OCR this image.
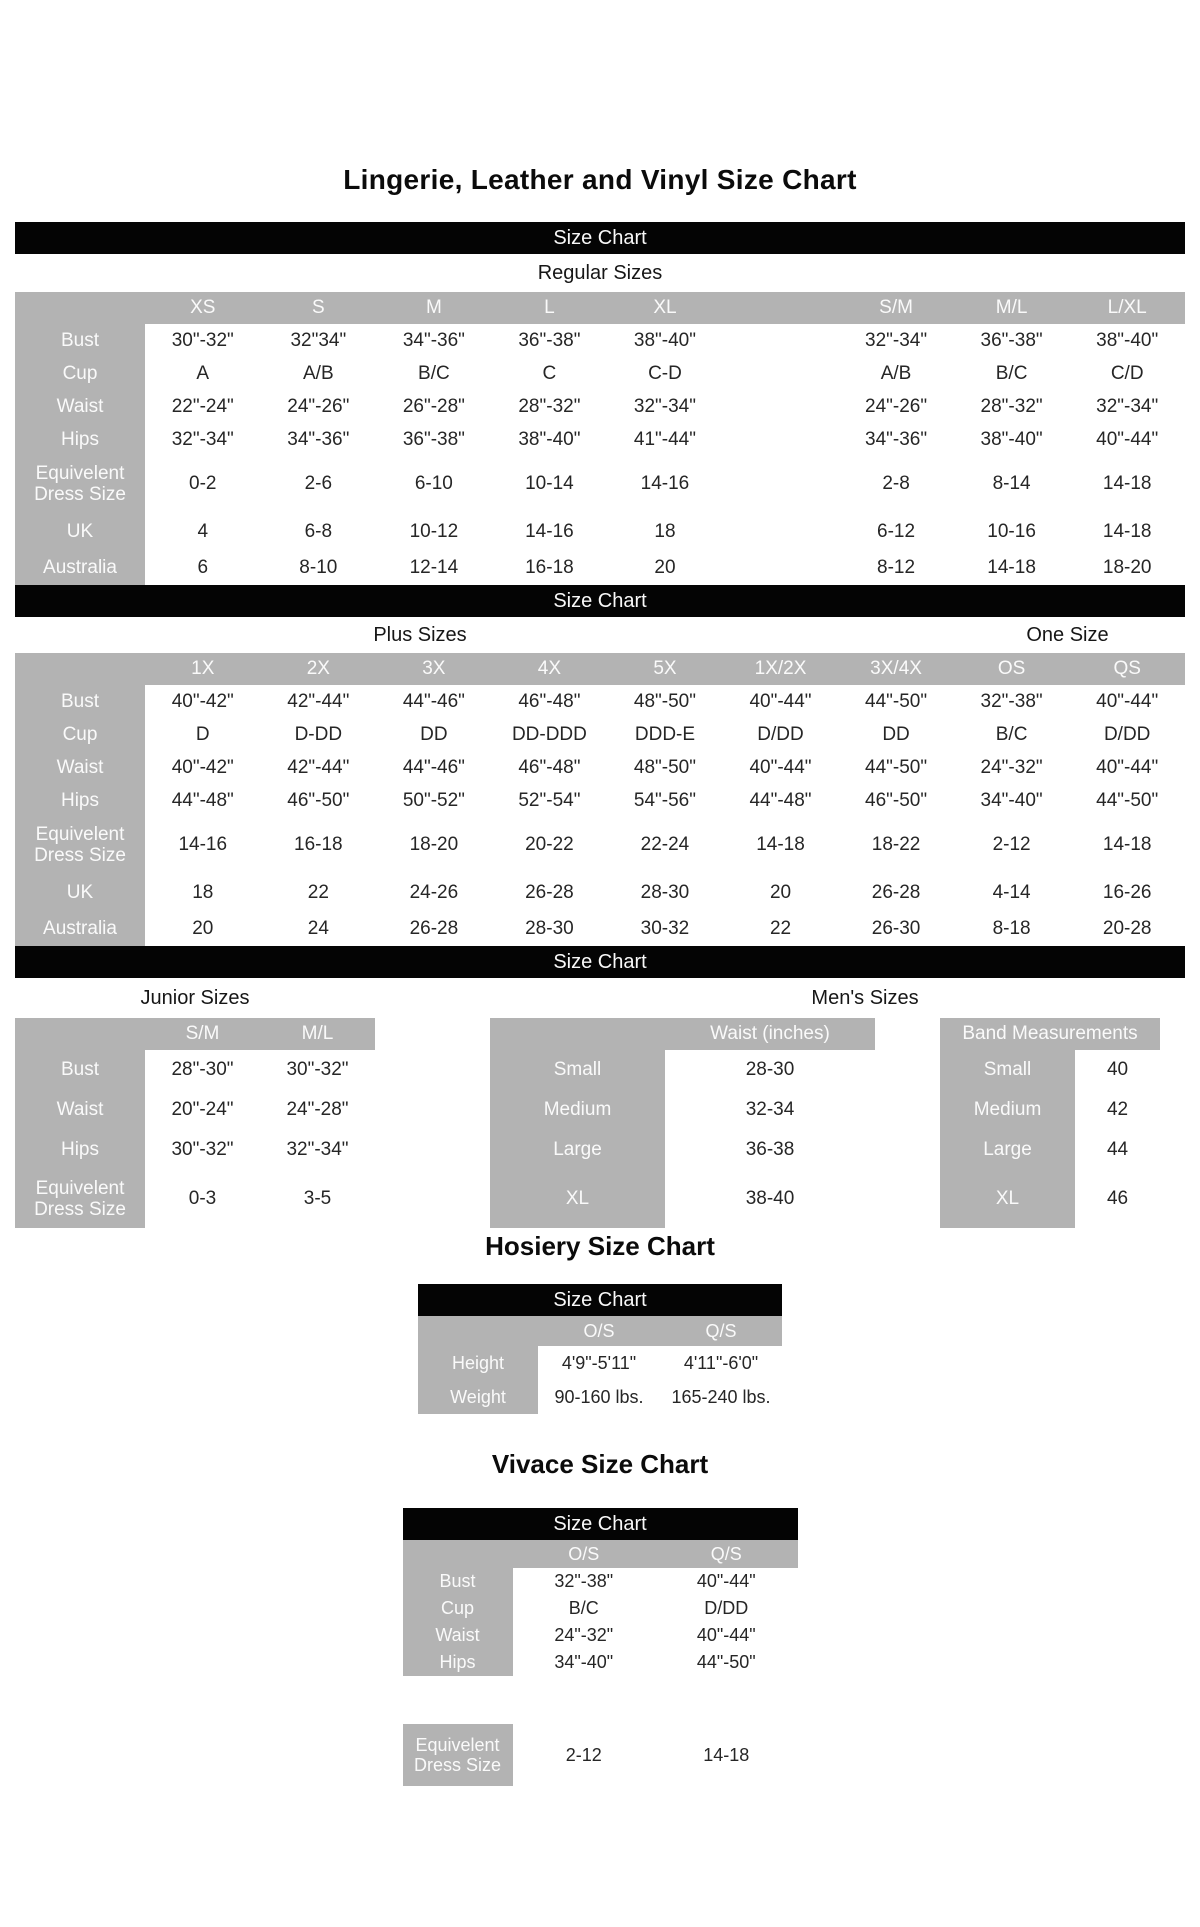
Lingerie, Leather and Vinyl Size Chart
Size Chart
Regular Sizes
	XS	S	M	L	XL		S/M	M/L	L/XL
Bust	30"-32"	32"34"	34"-36"	36"-38"	38"-40"		32"-34"	36"-38"	38"-40"
Cup	A	A/B	B/C	C	C-D		A/B	B/C	C/D
Waist	22"-24"	24"-26"	26"-28"	28"-32"	32"-34"		24"-26"	28"-32"	32"-34"
Hips	32"-34"	34"-36"	36"-38"	38"-40"	41"-44"		34"-36"	38"-40"	40"-44"
Equivelent Dress Size	0-2	2-6	6-10	10-14	14-16		2-8	8-14	14-18
UK	4	6-8	10-12	14-16	18		6-12	10-16	14-18
Australia	6	8-10	12-14	16-18	20		8-12	14-18	18-20
Size Chart
Plus Sizes	One Size
	1X	2X	3X	4X	5X	1X/2X	3X/4X	OS	QS
Bust	40"-42"	42"-44"	44"-46"	46"-48"	48"-50"	40"-44"	44"-50"	32"-38"	40"-44"
Cup	D	D-DD	DD	DD-DDD	DDD-E	D/DD	DD	B/C	D/DD
Waist	40"-42"	42"-44"	44"-46"	46"-48"	48"-50"	40"-44"	44"-50"	24"-32"	40"-44"
Hips	44"-48"	46"-50"	50"-52"	52"-54"	54"-56"	44"-48"	46"-50"	34"-40"	44"-50"
Equivelent Dress Size	14-16	16-18	18-20	20-22	22-24	14-18	18-22	2-12	14-18
UK	18	22	24-26	26-28	28-30	20	26-28	4-14	16-26
Australia	20	24	26-28	28-30	30-32	22	26-30	8-18	20-28
Size Chart
Junior Sizes	Men's Sizes
	S/M	M/L
Bust	28"-30"	30"-32"
Waist	20"-24"	24"-28"
Hips	30"-32"	32"-34"
Equivelent Dress Size	0-3	3-5
	Waist (inches)
Small	28-30
Medium	32-34
Large	36-38
XL	38-40
Band Measurements	
Small	40
Medium	42
Large	44
XL	46
Hosiery Size Chart
Size Chart
	O/S	Q/S
Height	4'9"-5'11"	4'11"-6'0"
Weight	90-160 lbs.	165-240 lbs.
Vivace Size Chart
Size Chart
	O/S	Q/S
Bust	32"-38"	40"-44"
Cup	B/C	D/DD
Waist	24"-32"	40"-44"
Hips	34"-40"	44"-50"

Equivelent Dress Size	2-12	14-18
